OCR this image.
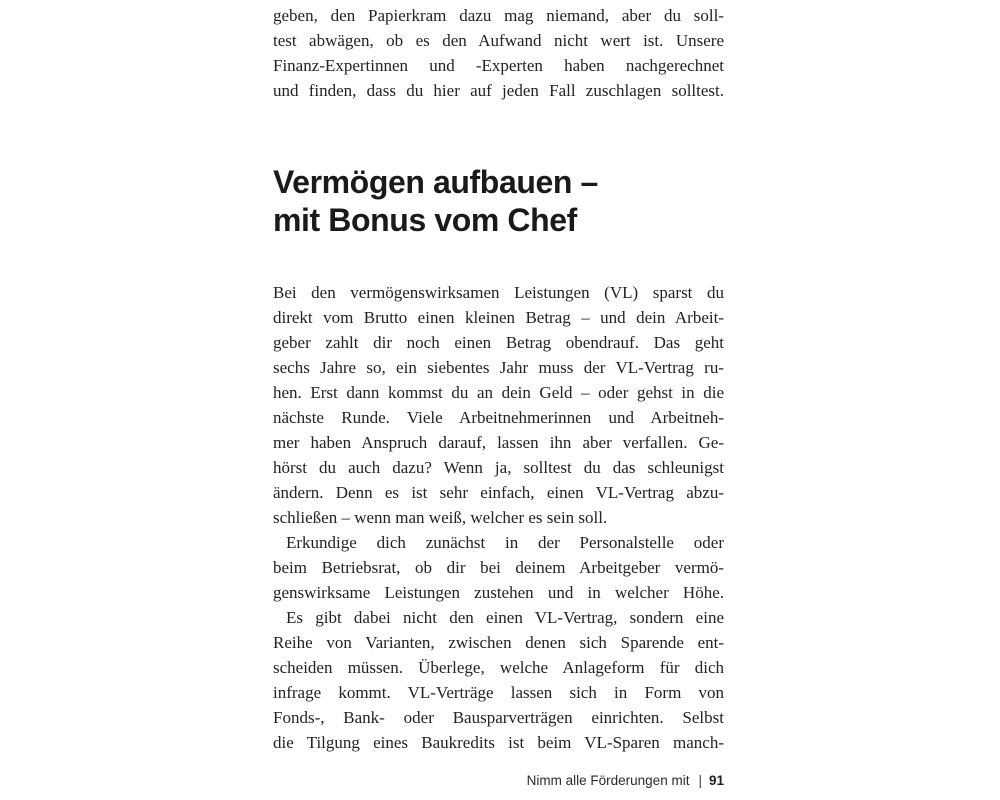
geben, den Papierkram dazu mag niemand, aber du soll-
test abwägen, ob es den Aufwand nicht wert ist. Unsere
Finanz-Expertinnen und -Experten haben nachgerechnet
und finden, dass du hier auf jeden Fall zuschlagen solltest.
Vermögen aufbauen –
mit Bonus vom Chef
Bei den vermögenswirksamen Leistungen (VL) sparst du
direkt vom Brutto einen kleinen Betrag – und dein Arbeit-
geber zahlt dir noch einen Betrag obendrauf. Das geht
sechs Jahre so, ein siebentes Jahr muss der VL-Vertrag ru-
hen. Erst dann kommst du an dein Geld – oder gehst in die
nächste Runde. Viele Arbeitnehmerinnen und Arbeitneh-
mer haben Anspruch darauf, lassen ihn aber verfallen. Ge-
hörst du auch dazu? Wenn ja, solltest du das schleunigst
ändern. Denn es ist sehr einfach, einen VL-Vertrag abzu-
schließen – wenn man weiß, welcher es sein soll.
Erkundige dich zunächst in der Personalstelle oder
beim Betriebsrat, ob dir bei deinem Arbeitgeber vermö-
genswirksame Leistungen zustehen und in welcher Höhe.
Es gibt dabei nicht den einen VL-Vertrag, sondern eine
Reihe von Varianten, zwischen denen sich Sparende ent-
scheiden müssen. Überlege, welche Anlageform für dich
infrage kommt. VL-Verträge lassen sich in Form von
Fonds-, Bank- oder Bausparverträgen einrichten. Selbst
die Tilgung eines Baukredits ist beim VL-Sparen manch-
Nimm alle Förderungen mit | 91
